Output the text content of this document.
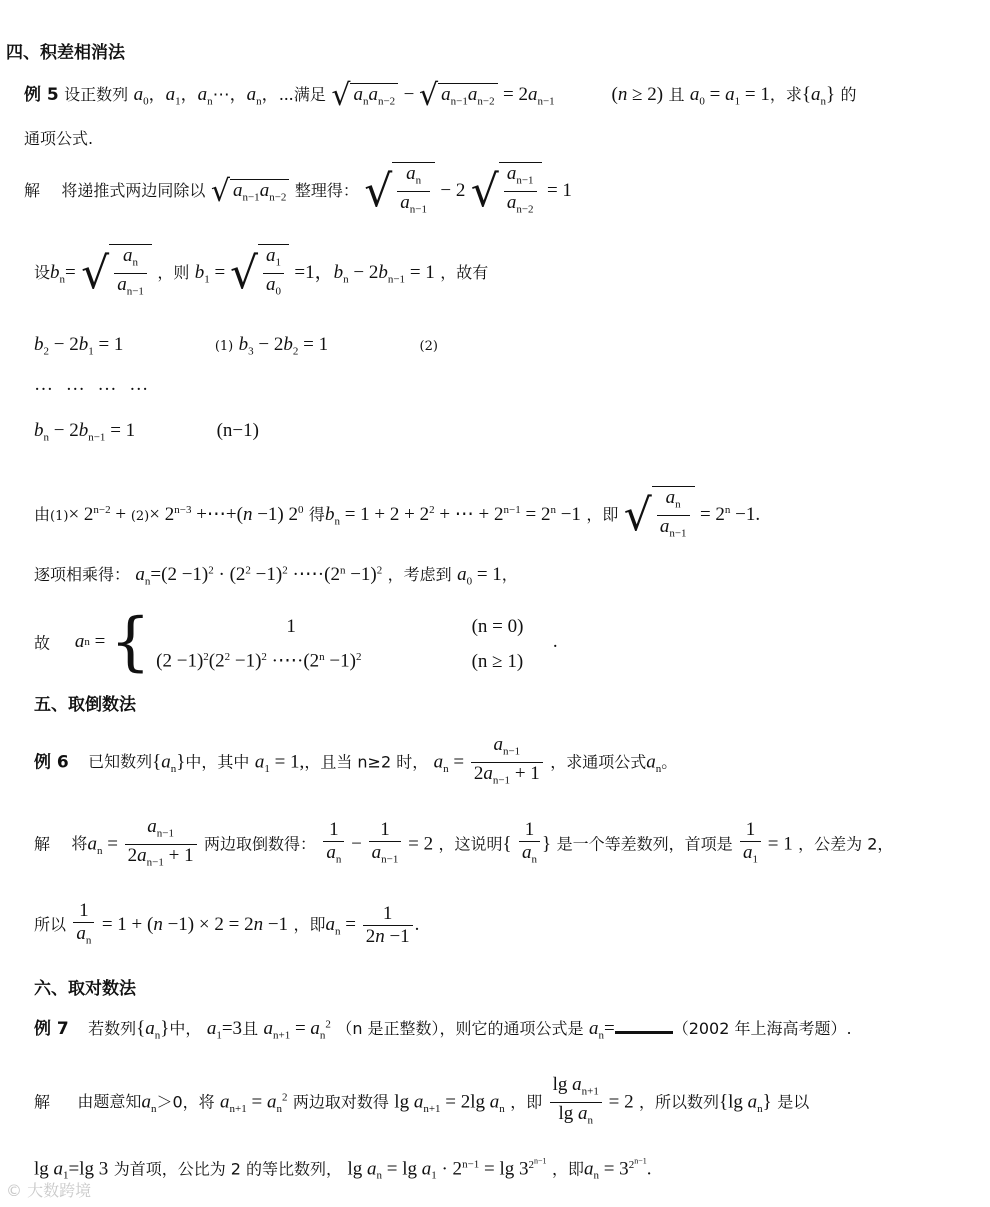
四、积差相消法
例 5 设正数列 $a_0$，$a_1$，$a_n\cdots$，$a_n$，⋯满足 √ $a_na_{n-2}$ − √ $a_{n-1}a_{n-2} = 2a_{n-1}$	(n ≥ 2) 且 $a_0 = a_1 = 1$，求$\{a_n\}$ 的
通项公式.
解 将递推式两边同除以 √ $a_{n-1}a_{n-2}$ 整理得： √ $\frac{a_n}{a_{n-1}} - 2$ √ $\frac{a_{n-1}}{a_{n-2}} = 1$
设$b_n=$ √ $\frac{a_n}{a_{n-1}}$ ，则 $b_1$ = √ $\frac{a_1}{a_0} =1$，$b_n - 2b_{n-1} = 1$ ，故有
$b_2 - 2b_1 = 1$	(1) $b_3 - 2b_2 = 1$	(2)
… … … …
$b_n - 2b_{n-1} = 1$	(n−1)
由$(1)\times 2^{n-2} + (2)\times 2^{n-3}$ +⋯+(n −1) $2^0$ 得$b_n = 1 + 2 + 2^2$ + ⋯ + $2^{n-1} = 2^n -1$ ，即 √ $\frac{a_n}{a_{n-1}} = 2^n -1$.
逐项相乘得： $a_n=(2 -1)^2 \cdot (2^2 -1)^2$ $\cdot\cdots\cdot(2^n -1)^2$ ，考虑到 $a_0 = 1$，
故 an = {	1	(n = 0)
$(2 -1)^2(2^2 -1)^2$ $\cdot\cdots\cdot(2^n -1)^2$	(n ≥ 1)
.
五、取倒数法
例 6 已知数列$\{a_n\}$中，其中 $a_1 = 1$,，且当 n≥2 时， $a_n = \frac{a_{n-1}}{2a_{n-1} + 1}$ ，求通项公式$a_n$。
解 将$a_n = \frac{a_{n-1}}{2a_{n-1} + 1}$ 两边取倒数得： $\frac{1}{a_n} - \frac{1}{a_{n-1}} = 2$ ，这说明{ $\frac{1}{a_n}$ } 是一个等差数列，首项是 $\frac{1}{a_1} = 1$ ，公差为 2，
所以 $\frac{1}{a_n} = 1 + (n -1) \times 2 = 2n -1$ ，即$a_n = \frac{1}{2n -1}$ .
六、取对数法
例 7 若数列$\{a_n\}$中， $a_1=3$且 $a_{n+1} = a_n^2$ （n 是正整数），则它的通项公式是 $a_n=$	（2002 年上海高考题）.
解 由题意知$a_n>0$，将 $a_{n+1} = a_n^2$ 两边取对数得 $\lg a_{n+1} = 2\lg$ $a_n$ ，即 $\frac{\lg a_{n+1}}{\lg a_n} = 2$ ，所以数列{lg $a_n$} 是以
$\lg a_1=\lg$ 3 为首项，公比为 2 的等比数列， $\lg a_n = \lg a_1 \cdot 2^{n-1} = \lg 3^{2^{n-1}}$ ，即$a_n = 3^{2^{n-1}}$.
© 大数跨境
